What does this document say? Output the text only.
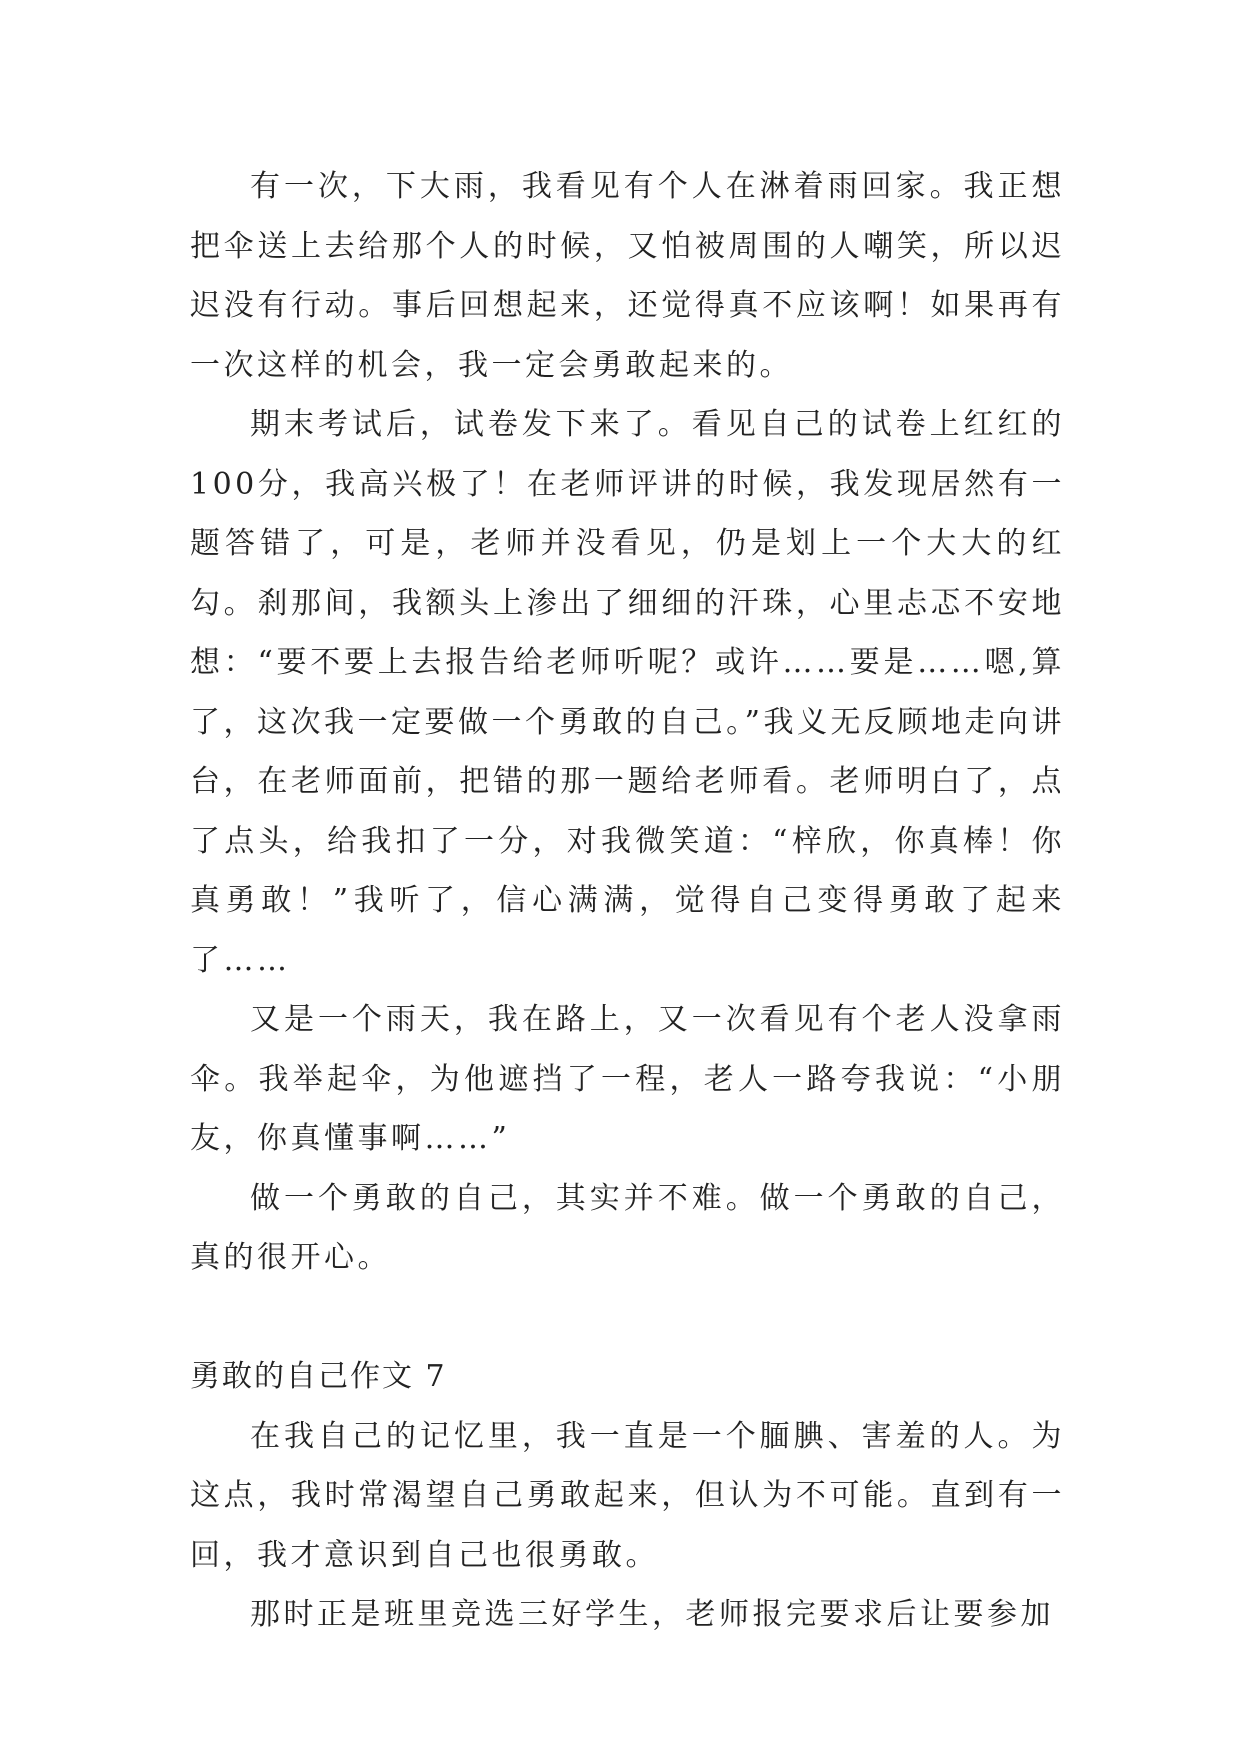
有一次，下大雨，我看见有个人在淋着雨回家。我正想把伞送上去给那个人的时候，又怕被周围的人嘲笑，所以迟迟没有行动。事后回想起来，还觉得真不应该啊！如果再有一次这样的机会，我一定会勇敢起来的。

期末考试后，试卷发下来了。看见自己的试卷上红红的100分，我高兴极了！在老师评讲的时候，我发现居然有一题答错了，可是，老师并没看见，仍是划上一个大大的红勾。刹那间，我额头上渗出了细细的汗珠，心里忐忑不安地想：“要不要上去报告给老师听呢？或许……要是……嗯,算了，这次我一定要做一个勇敢的自己。”我义无反顾地走向讲台，在老师面前，把错的那一题给老师看。老师明白了，点了点头，给我扣了一分，对我微笑道：“梓欣，你真棒！你真勇敢！”我听了，信心满满，觉得自己变得勇敢了起来了……

又是一个雨天，我在路上，又一次看见有个老人没拿雨伞。我举起伞，为他遮挡了一程，老人一路夸我说：“小朋友，你真懂事啊……”

做一个勇敢的自己，其实并不难。做一个勇敢的自己，真的很开心。

勇敢的自己作文 7

在我自己的记忆里，我一直是一个腼腆、害羞的人。为这点，我时常渴望自己勇敢起来，但认为不可能。直到有一回，我才意识到自己也很勇敢。

那时正是班里竞选三好学生，老师报完要求后让要参加
